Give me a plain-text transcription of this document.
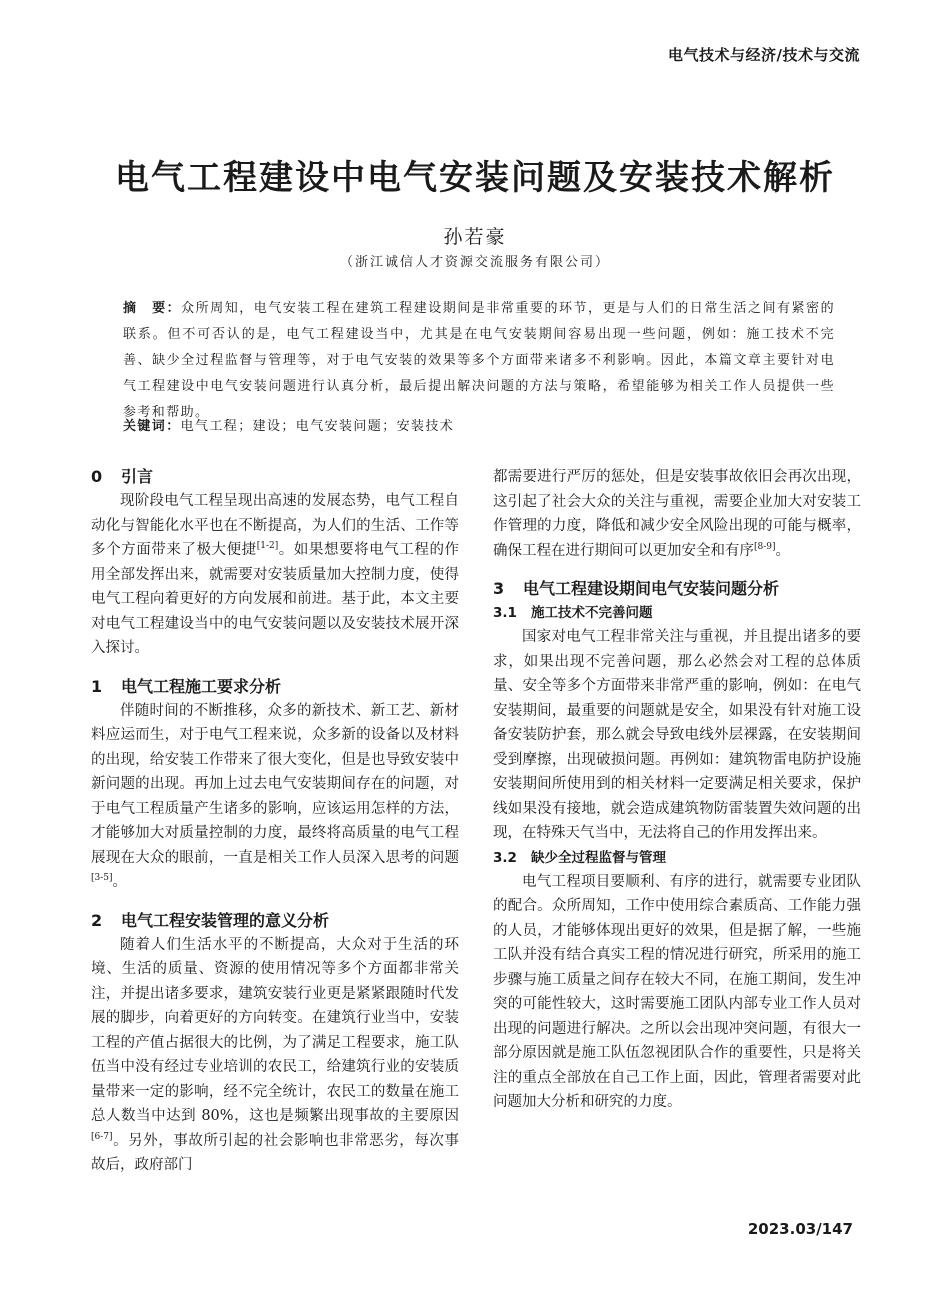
电气技术与经济/技术与交流
电气工程建设中电气安装问题及安装技术解析
孙若豪
（浙江诚信人才资源交流服务有限公司）
摘　要：众所周知，电气安装工程在建筑工程建设期间是非常重要的环节，更是与人们的日常生活之间有紧密的联系。但不可否认的是，电气工程建设当中，尤其是在电气安装期间容易出现一些问题，例如：施工技术不完善、缺少全过程监督与管理等，对于电气安装的效果等多个方面带来诸多不利影响。因此，本篇文章主要针对电气工程建设中电气安装问题进行认真分析，最后提出解决问题的方法与策略，希望能够为相关工作人员提供一些参考和帮助。
关键词：电气工程；建设；电气安装问题；安装技术
0 引言

现阶段电气工程呈现出高速的发展态势，电气工程自动化与智能化水平也在不断提高，为人们的生活、工作等多个方面带来了极大便捷[1-2]。如果想要将电气工程的作用全部发挥出来，就需要对安装质量加大控制力度，使得电气工程向着更好的方向发展和前进。基于此，本文主要对电气工程建设当中的电气安装问题以及安装技术展开深入探讨。

1 电气工程施工要求分析

伴随时间的不断推移，众多的新技术、新工艺、新材料应运而生，对于电气工程来说，众多新的设备以及材料的出现，给安装工作带来了很大变化，但是也导致安装中新问题的出现。再加上过去电气安装期间存在的问题，对于电气工程质量产生诸多的影响，应该运用怎样的方法，才能够加大对质量控制的力度，最终将高质量的电气工程展现在大众的眼前，一直是相关工作人员深入思考的问题[3-5]。

2 电气工程安装管理的意义分析

随着人们生活水平的不断提高，大众对于生活的环境、生活的质量、资源的使用情况等多个方面都非常关注，并提出诸多要求，建筑安装行业更是紧紧跟随时代发展的脚步，向着更好的方向转变。在建筑行业当中，安装工程的产值占据很大的比例，为了满足工程要求，施工队伍当中没有经过专业培训的农民工，给建筑行业的安装质量带来一定的影响，经不完全统计，农民工的数量在施工总人数当中达到 80%，这也是频繁出现事故的主要原因[6-7]。另外，事故所引起的社会影响也非常恶劣，每次事故后，政府部门

都需要进行严厉的惩处，但是安装事故依旧会再次出现，这引起了社会大众的关注与重视，需要企业加大对安装工作管理的力度，降低和减少安全风险出现的可能与概率，确保工程在进行期间可以更加安全和有序[8-9]。

3 电气工程建设期间电气安装问题分析
3.1 施工技术不完善问题

国家对电气工程非常关注与重视，并且提出诸多的要求，如果出现不完善问题，那么必然会对工程的总体质量、安全等多个方面带来非常严重的影响，例如：在电气安装期间，最重要的问题就是安全，如果没有针对施工设备安装防护套，那么就会导致电线外层裸露，在安装期间受到摩擦，出现破损问题。再例如：建筑物雷电防护设施安装期间所使用到的相关材料一定要满足相关要求，保护线如果没有接地，就会造成建筑物防雷装置失效问题的出现，在特殊天气当中，无法将自己的作用发挥出来。

3.2 缺少全过程监督与管理

电气工程项目要顺利、有序的进行，就需要专业团队的配合。众所周知，工作中使用综合素质高、工作能力强的人员，才能够体现出更好的效果，但是据了解，一些施工队并没有结合真实工程的情况进行研究，所采用的施工步骤与施工质量之间存在较大不同，在施工期间，发生冲突的可能性较大，这时需要施工团队内部专业工作人员对出现的问题进行解决。之所以会出现冲突问题，有很大一部分原因就是施工队伍忽视团队合作的重要性，只是将关注的重点全部放在自己工作上面，因此，管理者需要对此问题加大分析和研究的力度。

2023.03/147
